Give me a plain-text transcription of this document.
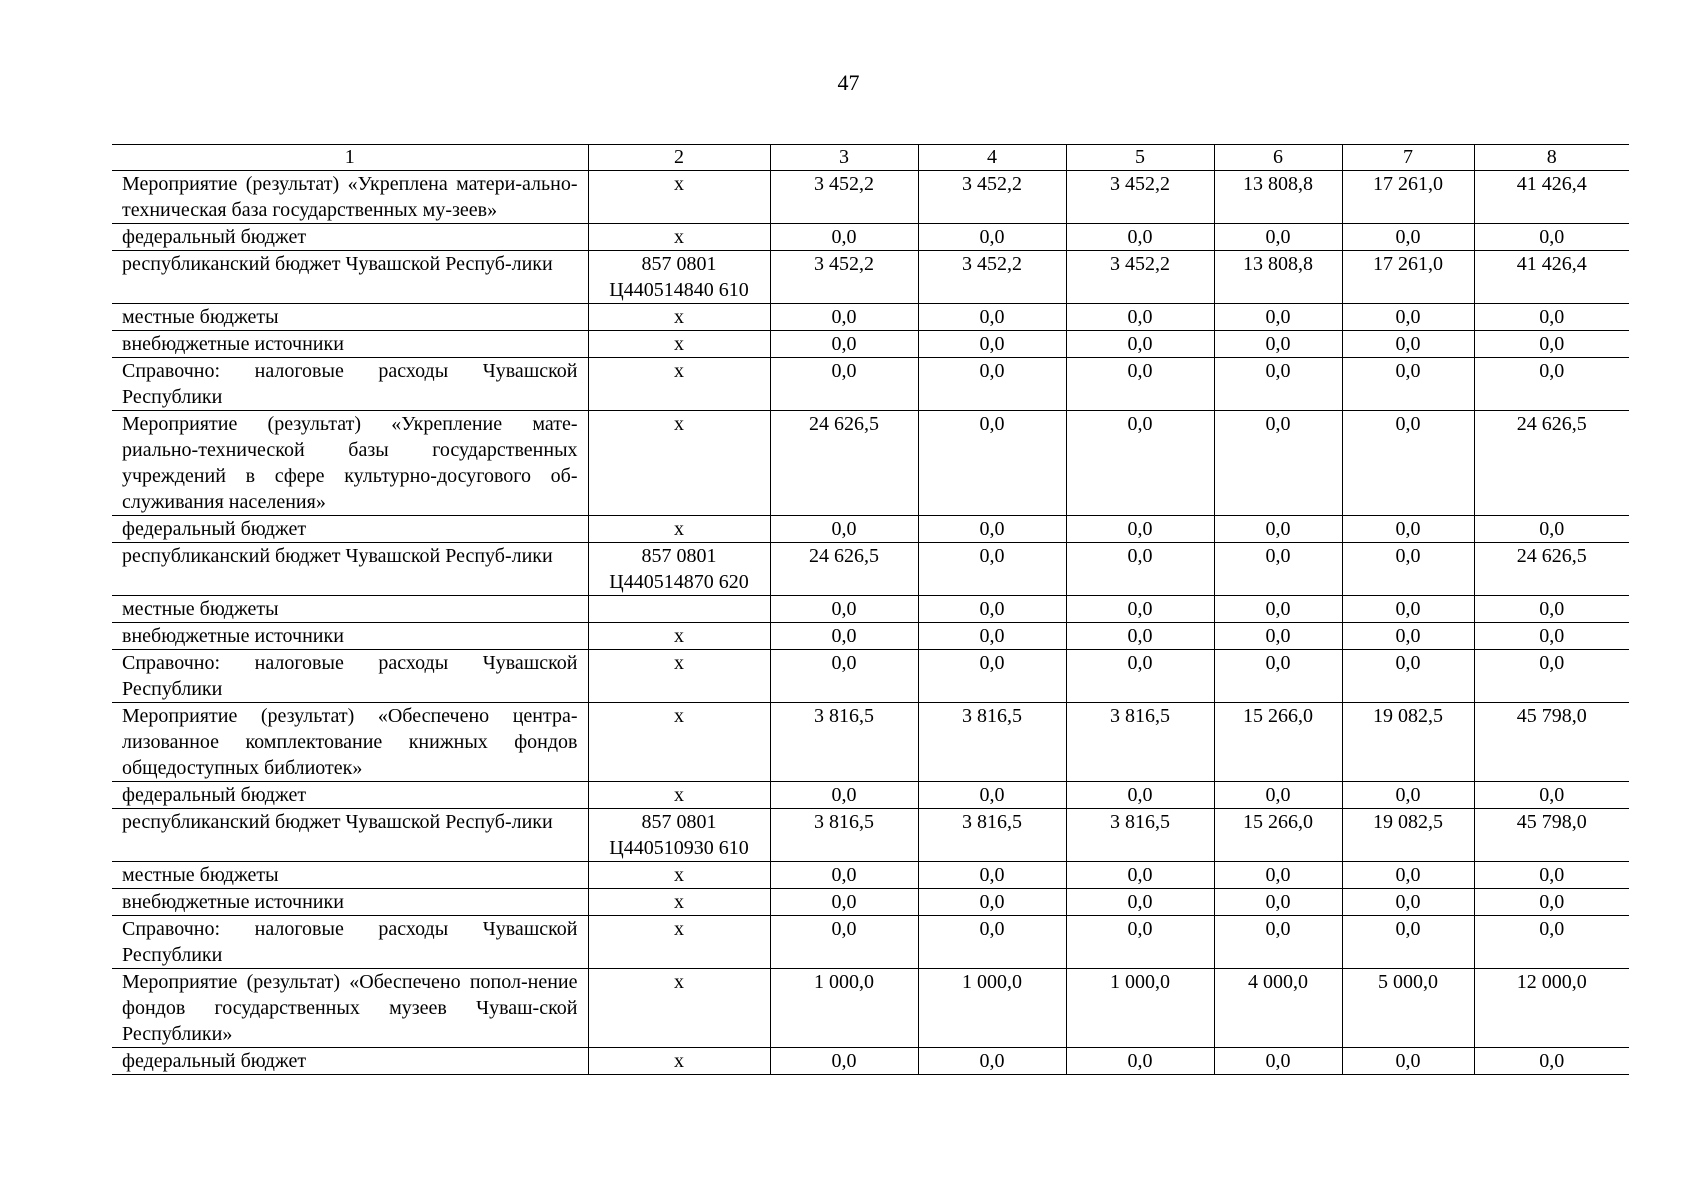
47
1	2	3	4	5	6	7	8
Мероприятие (результат) «Укреплена матери-ально-техническая база государственных му-зеев»	х	3 452,2	3 452,2	3 452,2	13 808,8	17 261,0	41 426,4
федеральный бюджет	х	0,0	0,0	0,0	0,0	0,0	0,0
республиканский бюджет Чувашской Респуб-лики	857 0801 Ц440514840 610	3 452,2	3 452,2	3 452,2	13 808,8	17 261,0	41 426,4
местные бюджеты	х	0,0	0,0	0,0	0,0	0,0	0,0
внебюджетные источники	х	0,0	0,0	0,0	0,0	0,0	0,0
Справочно: налоговые расходы Чувашской Республики	х	0,0	0,0	0,0	0,0	0,0	0,0
Мероприятие (результат) «Укрепление мате-риально-технической базы государственных учреждений в сфере культурно-досугового об-служивания населения»	х	24 626,5	0,0	0,0	0,0	0,0	24 626,5
федеральный бюджет	х	0,0	0,0	0,0	0,0	0,0	0,0
республиканский бюджет Чувашской Респуб-лики	857 0801 Ц440514870 620	24 626,5	0,0	0,0	0,0	0,0	24 626,5
местные бюджеты		0,0	0,0	0,0	0,0	0,0	0,0
внебюджетные источники	х	0,0	0,0	0,0	0,0	0,0	0,0
Справочно: налоговые расходы Чувашской Республики	х	0,0	0,0	0,0	0,0	0,0	0,0
Мероприятие (результат) «Обеспечено центра-лизованное комплектование книжных фондов общедоступных библиотек»	х	3 816,5	3 816,5	3 816,5	15 266,0	19 082,5	45 798,0
федеральный бюджет	х	0,0	0,0	0,0	0,0	0,0	0,0
республиканский бюджет Чувашской Респуб-лики	857 0801 Ц440510930 610	3 816,5	3 816,5	3 816,5	15 266,0	19 082,5	45 798,0
местные бюджеты	х	0,0	0,0	0,0	0,0	0,0	0,0
внебюджетные источники	х	0,0	0,0	0,0	0,0	0,0	0,0
Справочно: налоговые расходы Чувашской Республики	х	0,0	0,0	0,0	0,0	0,0	0,0
Мероприятие (результат) «Обеспечено попол-нение фондов государственных музеев Чуваш-ской Республики»	х	1 000,0	1 000,0	1 000,0	4 000,0	5 000,0	12 000,0
федеральный бюджет	х	0,0	0,0	0,0	0,0	0,0	0,0
